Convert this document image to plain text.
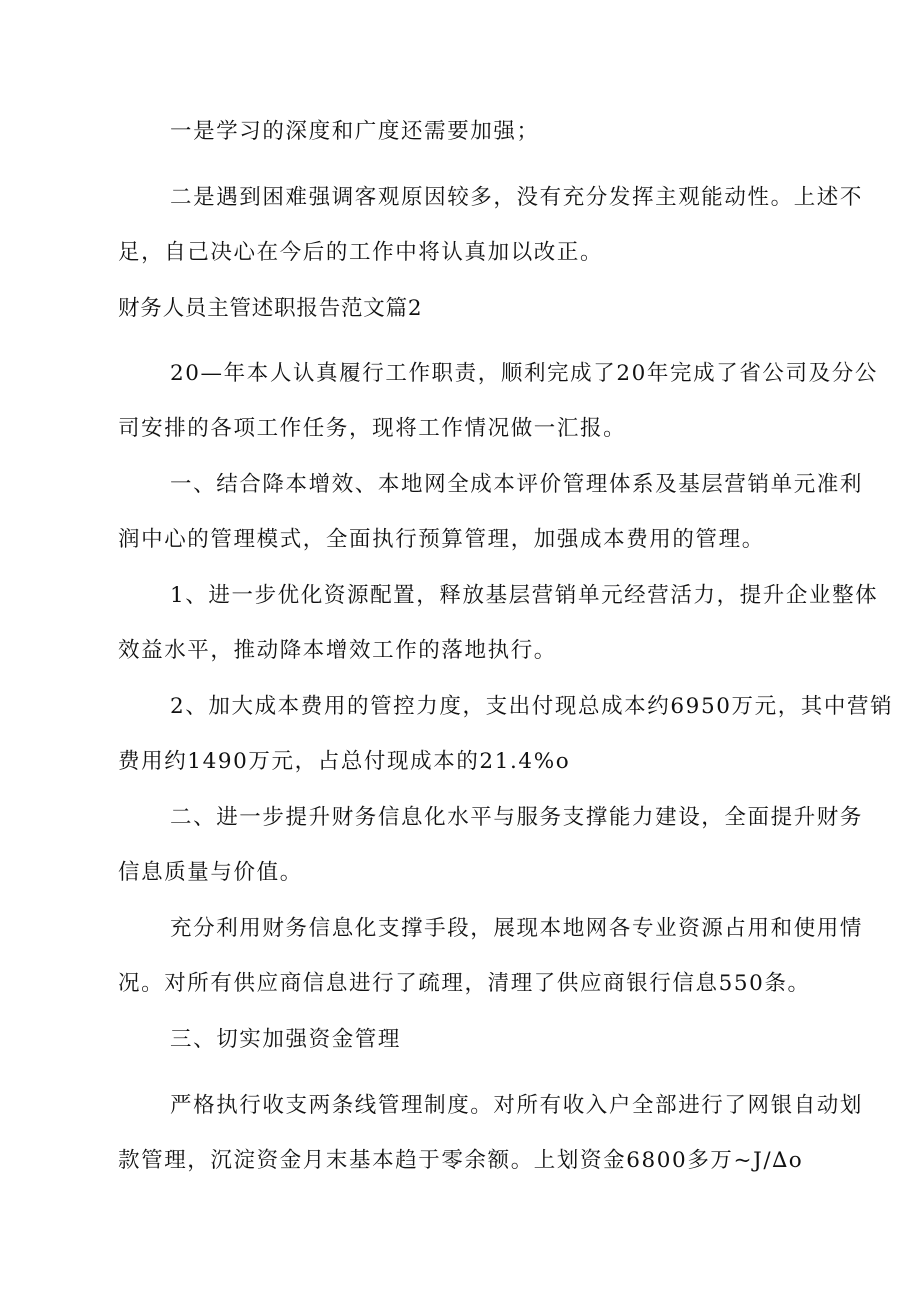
一是学习的深度和广度还需要加强；

二是遇到困难强调客观原因较多，没有充分发挥主观能动性。上述不
足，自己决心在今后的工作中将认真加以改正。

财务人员主管述职报告范文篇2

20—年本人认真履行工作职责，顺利完成了20年完成了省公司及分公
司安排的各项工作任务，现将工作情况做一汇报。

一、结合降本增效、本地网全成本评价管理体系及基层营销单元准利
润中心的管理模式，全面执行预算管理，加强成本费用的管理。

1、进一步优化资源配置，释放基层营销单元经营活力，提升企业整体
效益水平，推动降本增效工作的落地执行。

2、加大成本费用的管控力度，支出付现总成本约6950万元，其中营销
费用约1490万元，占总付现成本的21.4%o

二、进一步提升财务信息化水平与服务支撑能力建设，全面提升财务
信息质量与价值。

充分利用财务信息化支撑手段，展现本地网各专业资源占用和使用情
况。对所有供应商信息进行了疏理，清理了供应商银行信息550条。

三、切实加强资金管理

严格执行收支两条线管理制度。对所有收入户全部进行了网银自动划
款管理，沉淀资金月末基本趋于零余额。上划资金6800多万~J/∆o
